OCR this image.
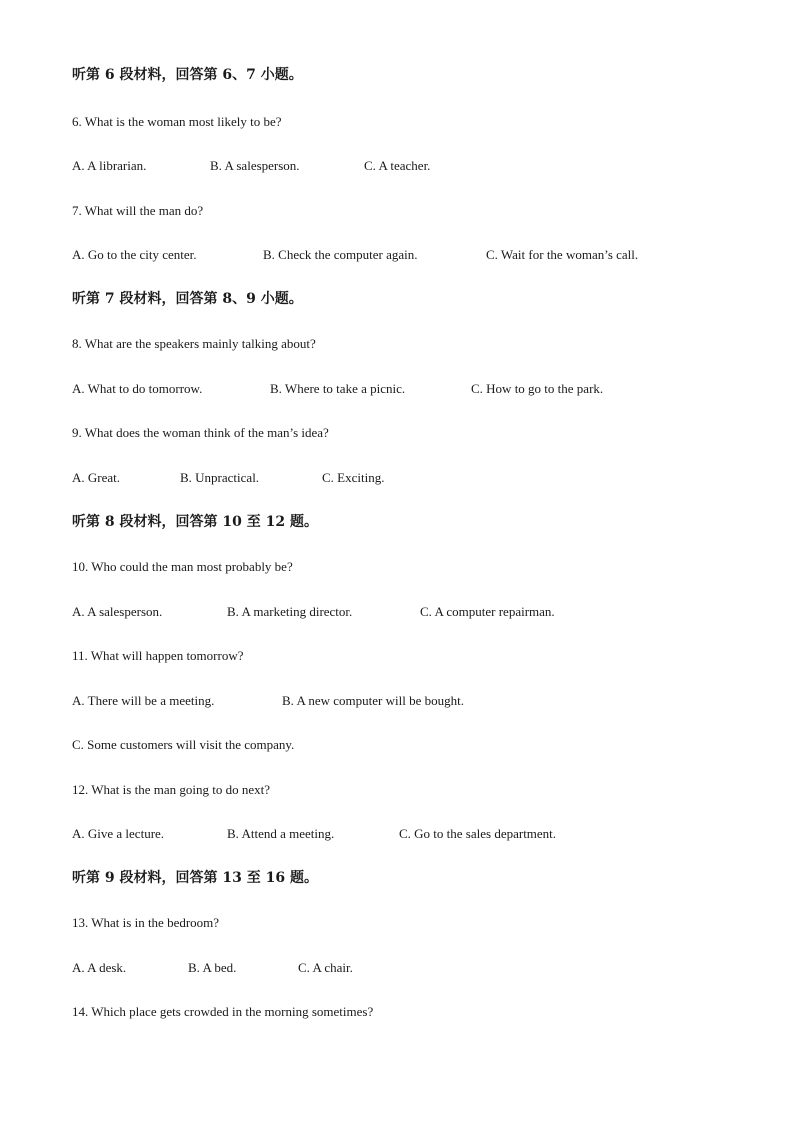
听第 6 段材料，回答第 6、7 小题。
6. What is the woman most likely to be?
A. A librarian.	B. A salesperson.	C. A teacher.
7. What will the man do?
A. Go to the city center.	B. Check the computer again.	C. Wait for the woman’s call.
听第 7 段材料，回答第 8、9 小题。
8. What are the speakers mainly talking about?
A. What to do tomorrow.	B. Where to take a picnic.	C. How to go to the park.
9. What does the woman think of the man’s idea?
A. Great.	B. Unpractical.	C. Exciting.
听第 8 段材料，回答第 10 至 12 题。
10. Who could the man most probably be?
A. A salesperson.	B. A marketing director.	C. A computer repairman.
11. What will happen tomorrow?
A. There will be a meeting.	B. A new computer will be bought.
C. Some customers will visit the company.
12. What is the man going to do next?
A. Give a lecture.	B. Attend a meeting.	C. Go to the sales department.
听第 9 段材料，回答第 13 至 16 题。
13. What is in the bedroom?
A. A desk.	B. A bed.	C. A chair.
14. Which place gets crowded in the morning sometimes?
